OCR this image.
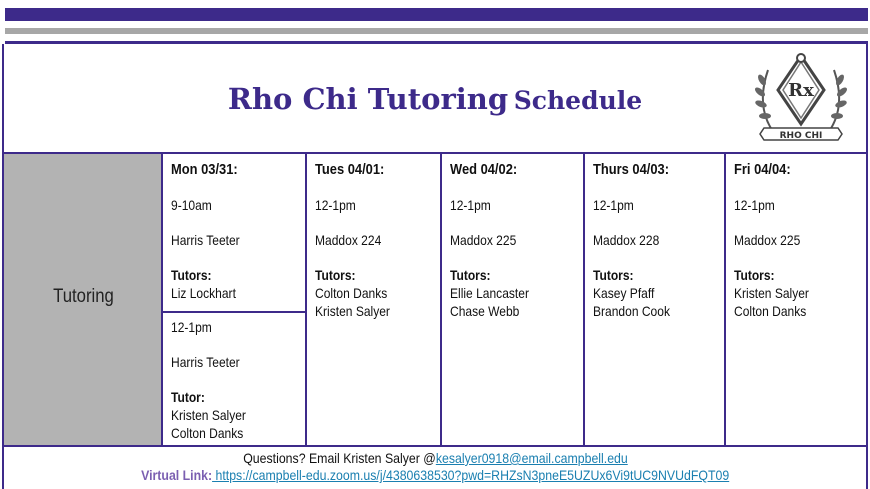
Rho Chi Tutoring Schedule	Rx
RHO CHI
Tutoring
Mon 03/31:
9-10am
Harris Teeter
Tutors:
Liz Lockhart
12-1pm
Harris Teeter
Tutor:
Kristen Salyer
Colton Danks
Tues 04/01:
12-1pm
Maddox 224
Tutors:
Colton Danks
Kristen Salyer
Wed 04/02:
12-1pm
Maddox 225
Tutors:
Ellie Lancaster
Chase Webb
Thurs 04/03:
12-1pm
Maddox 228
Tutors:
Kasey Pfaff
Brandon Cook
Fri 04/04:
12-1pm
Maddox 225
Tutors:
Kristen Salyer
Colton Danks
Questions? Email Kristen Salyer @kesalyer0918@email.campbell.edu
Virtual Link: https://campbell-edu.zoom.us/j/4380638530?pwd=RHZsN3pneE5UZUx6Vi9tUC9NVUdFQT09
